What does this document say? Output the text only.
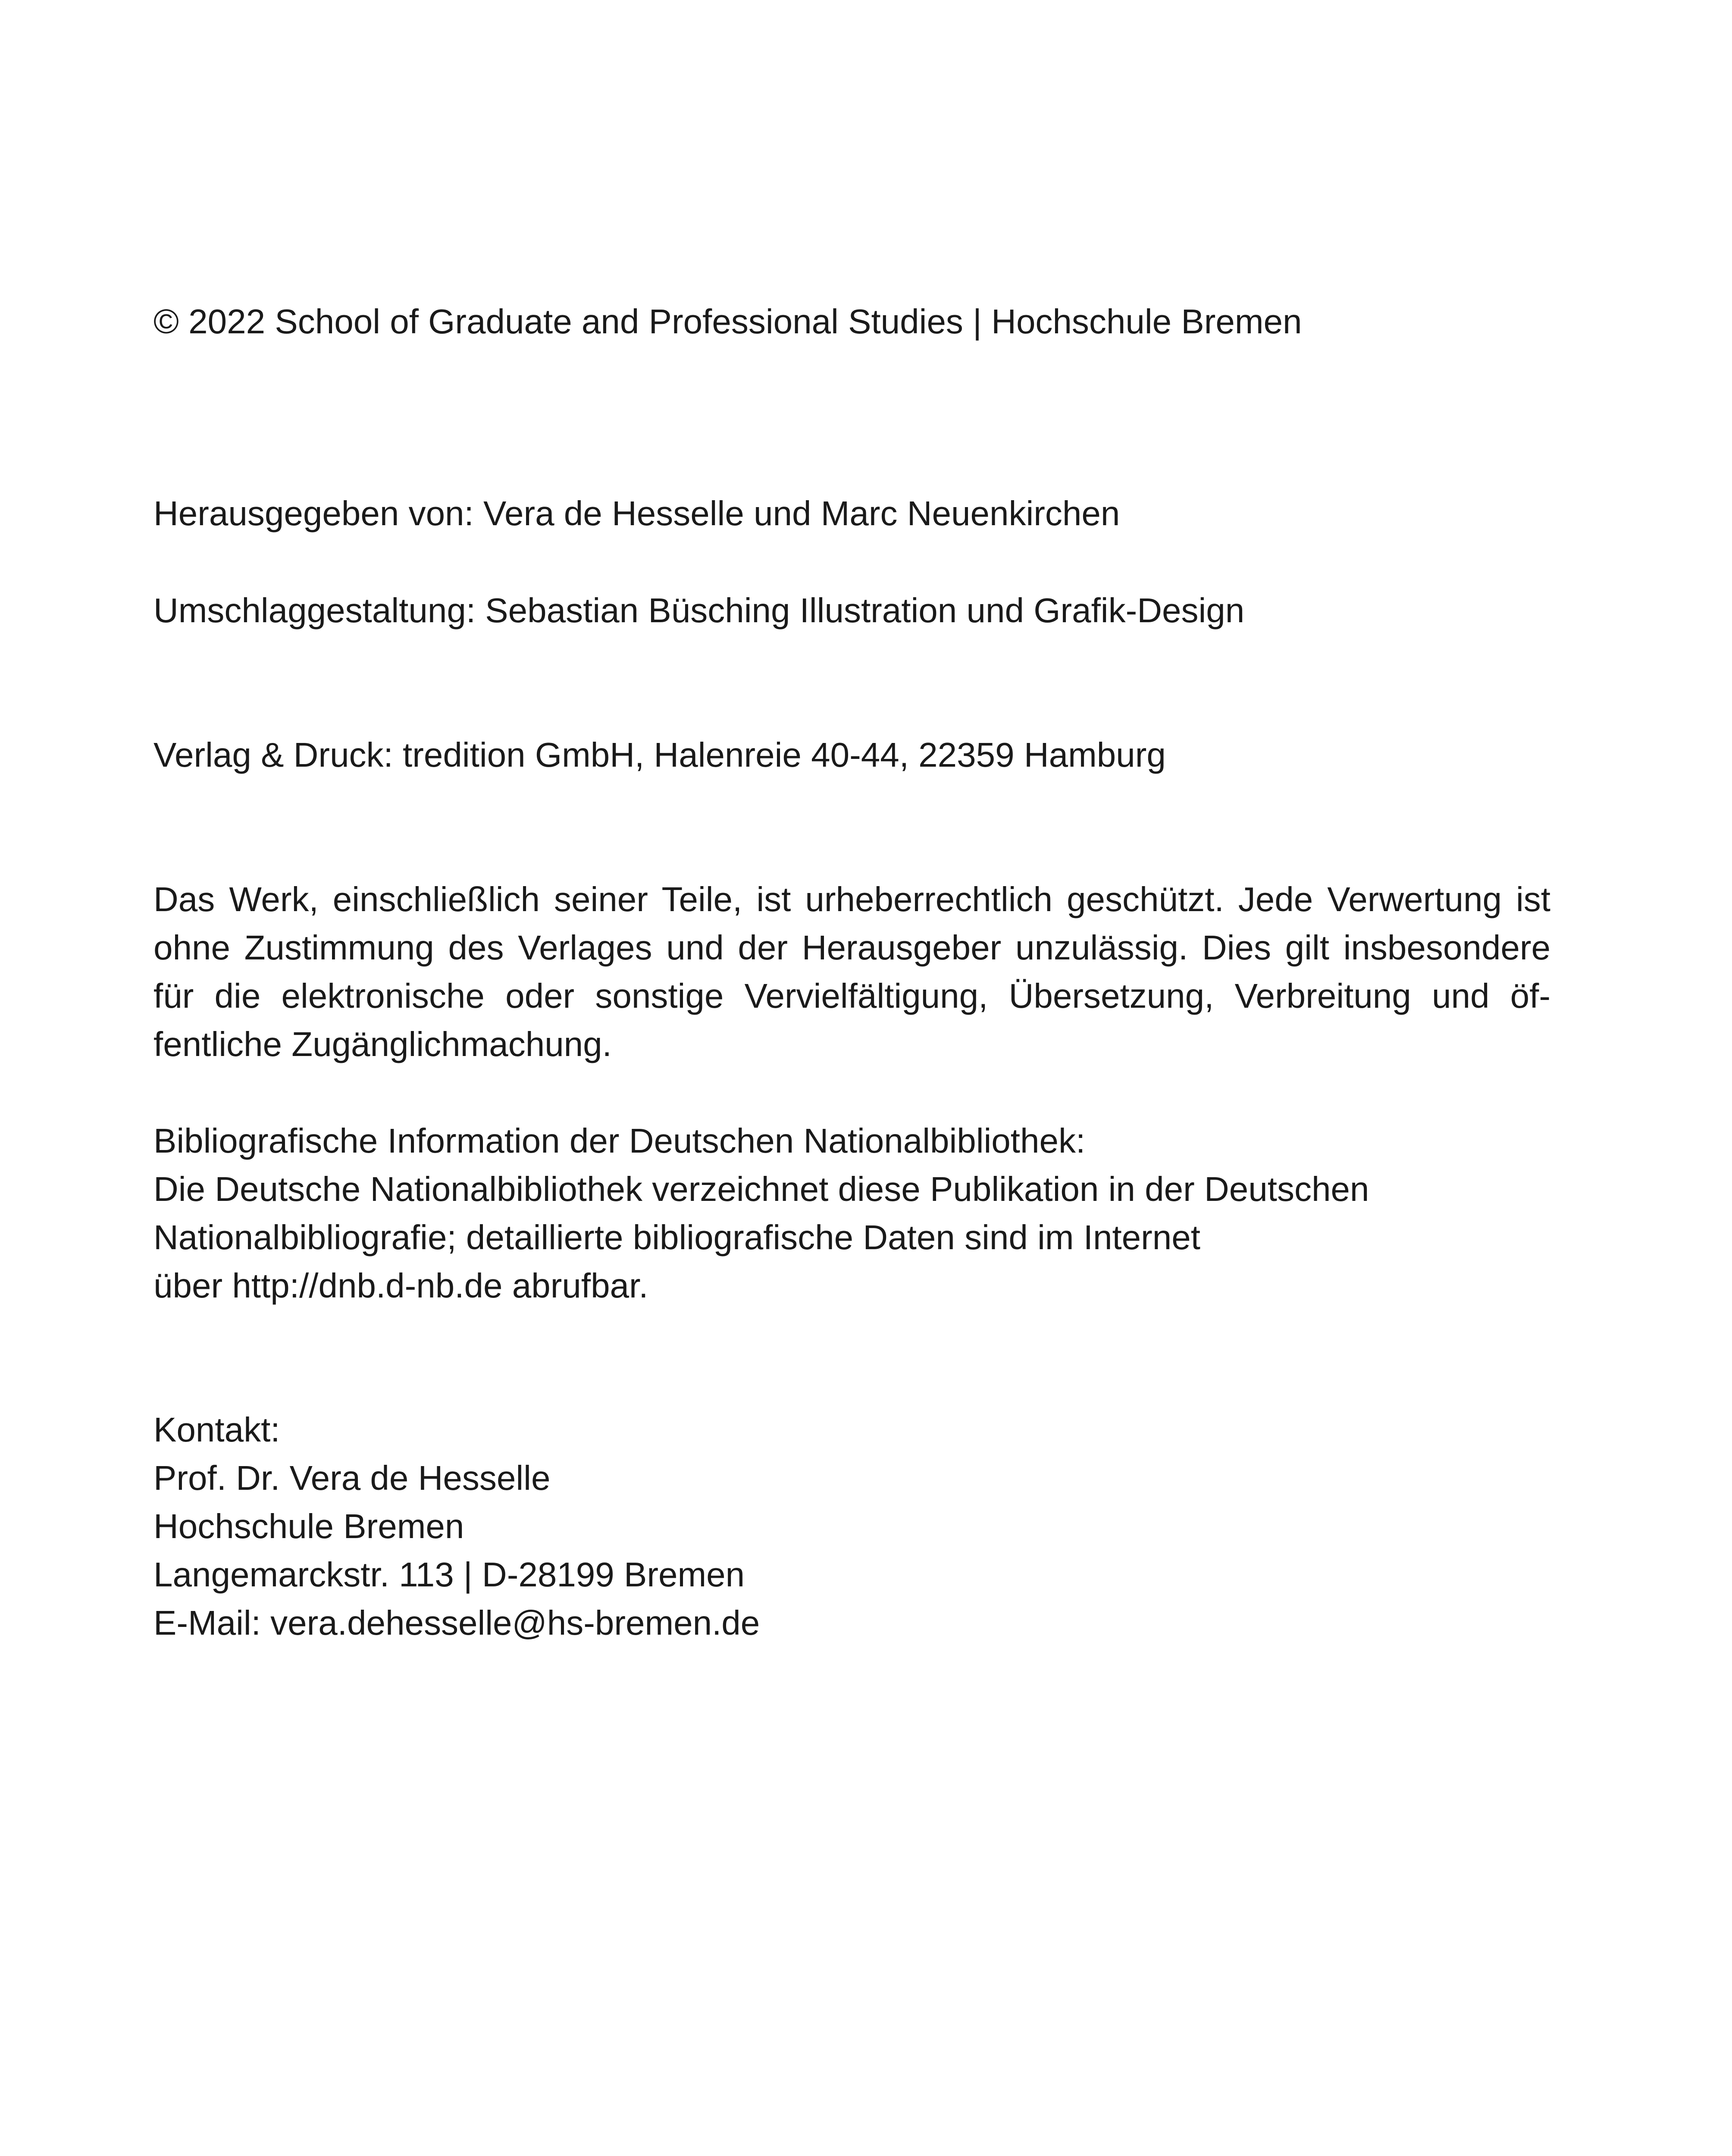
© 2022 School of Graduate and Professional Studies | Hochschule Bremen

Herausgegeben von: Vera de Hesselle und Marc Neuenkirchen

Umschlaggestaltung: Sebastian Büsching Illustration und Grafik-Design

Verlag & Druck: tredition GmbH, Halenreie 40-44, 22359 Hamburg

Das Werk, einschließlich seiner Teile, ist urheberrechtlich geschützt. Jede Verwertung ist ohne Zustimmung des Verlages und der Herausgeber unzulässig. Dies gilt insbesondere für die elektronische oder sonstige Vervielfältigung, Übersetzung, Verbreitung und öf-fentliche Zugänglichmachung.

Bibliografische Information der Deutschen Nationalbibliothek:
Die Deutsche Nationalbibliothek verzeichnet diese Publikation in der Deutschen
Nationalbibliografie; detaillierte bibliografische Daten sind im Internet
über http://dnb.d-nb.de abrufbar.
Kontakt:
Prof. Dr. Vera de Hesselle
Hochschule Bremen
Langemarckstr. 113 | D-28199 Bremen
E-Mail: vera.dehesselle@hs-bremen.de
